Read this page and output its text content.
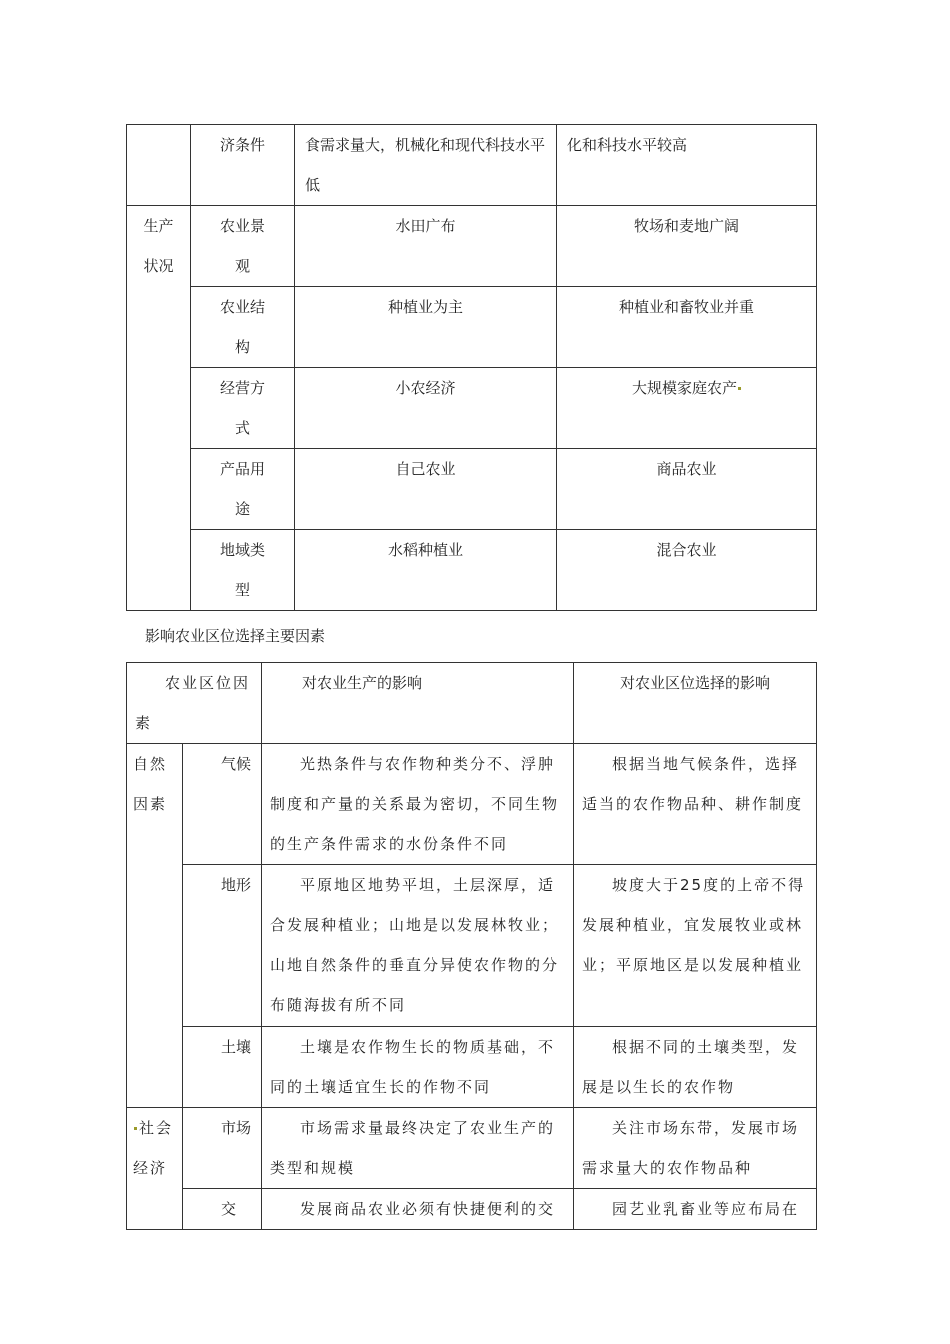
	济条件	食需求量大，机械化和现代科技水平低	化和科技水平较高
生产状况	农业景观	水田广布	牧场和麦地广阔
	农业结构	种植业为主	种植业和畜牧业并重
	经营方式	小农经济	大规模家庭农产
	产品用途	自己农业	商品农业
	地域类型	水稻种植业	混合农业
影响农业区位选择主要因素
农业区位因素		对农业生产的影响	对农业区位选择的影响
自然因素	气候	光热条件与农作物种类分不、浮肿制度和产量的关系最为密切，不同生物的生产条件需求的水份条件不同	根据当地气候条件，选择适当的农作物品种、耕作制度

	地形	平原地区地势平坦，土层深厚，适合发展种植业；山地是以发展林牧业；山地自然条件的垂直分异使农作物的分布随海拔有所不同	坡度大于25度的上帝不得发展种植业，宜发展牧业或林业；平原地区是以发展种植业

	土壤	土壤是农作物生长的物质基础，不同的土壤适宜生长的作物不同	根据不同的土壤类型，发展是以生长的农作物
社会经济	市场	市场需求量最终决定了农业生产的类型和规模	关注市场东带，发展市场需求量大的农作物品种

	交	发展商品农业必须有快捷便利的交	园艺业乳畜业等应布局在
